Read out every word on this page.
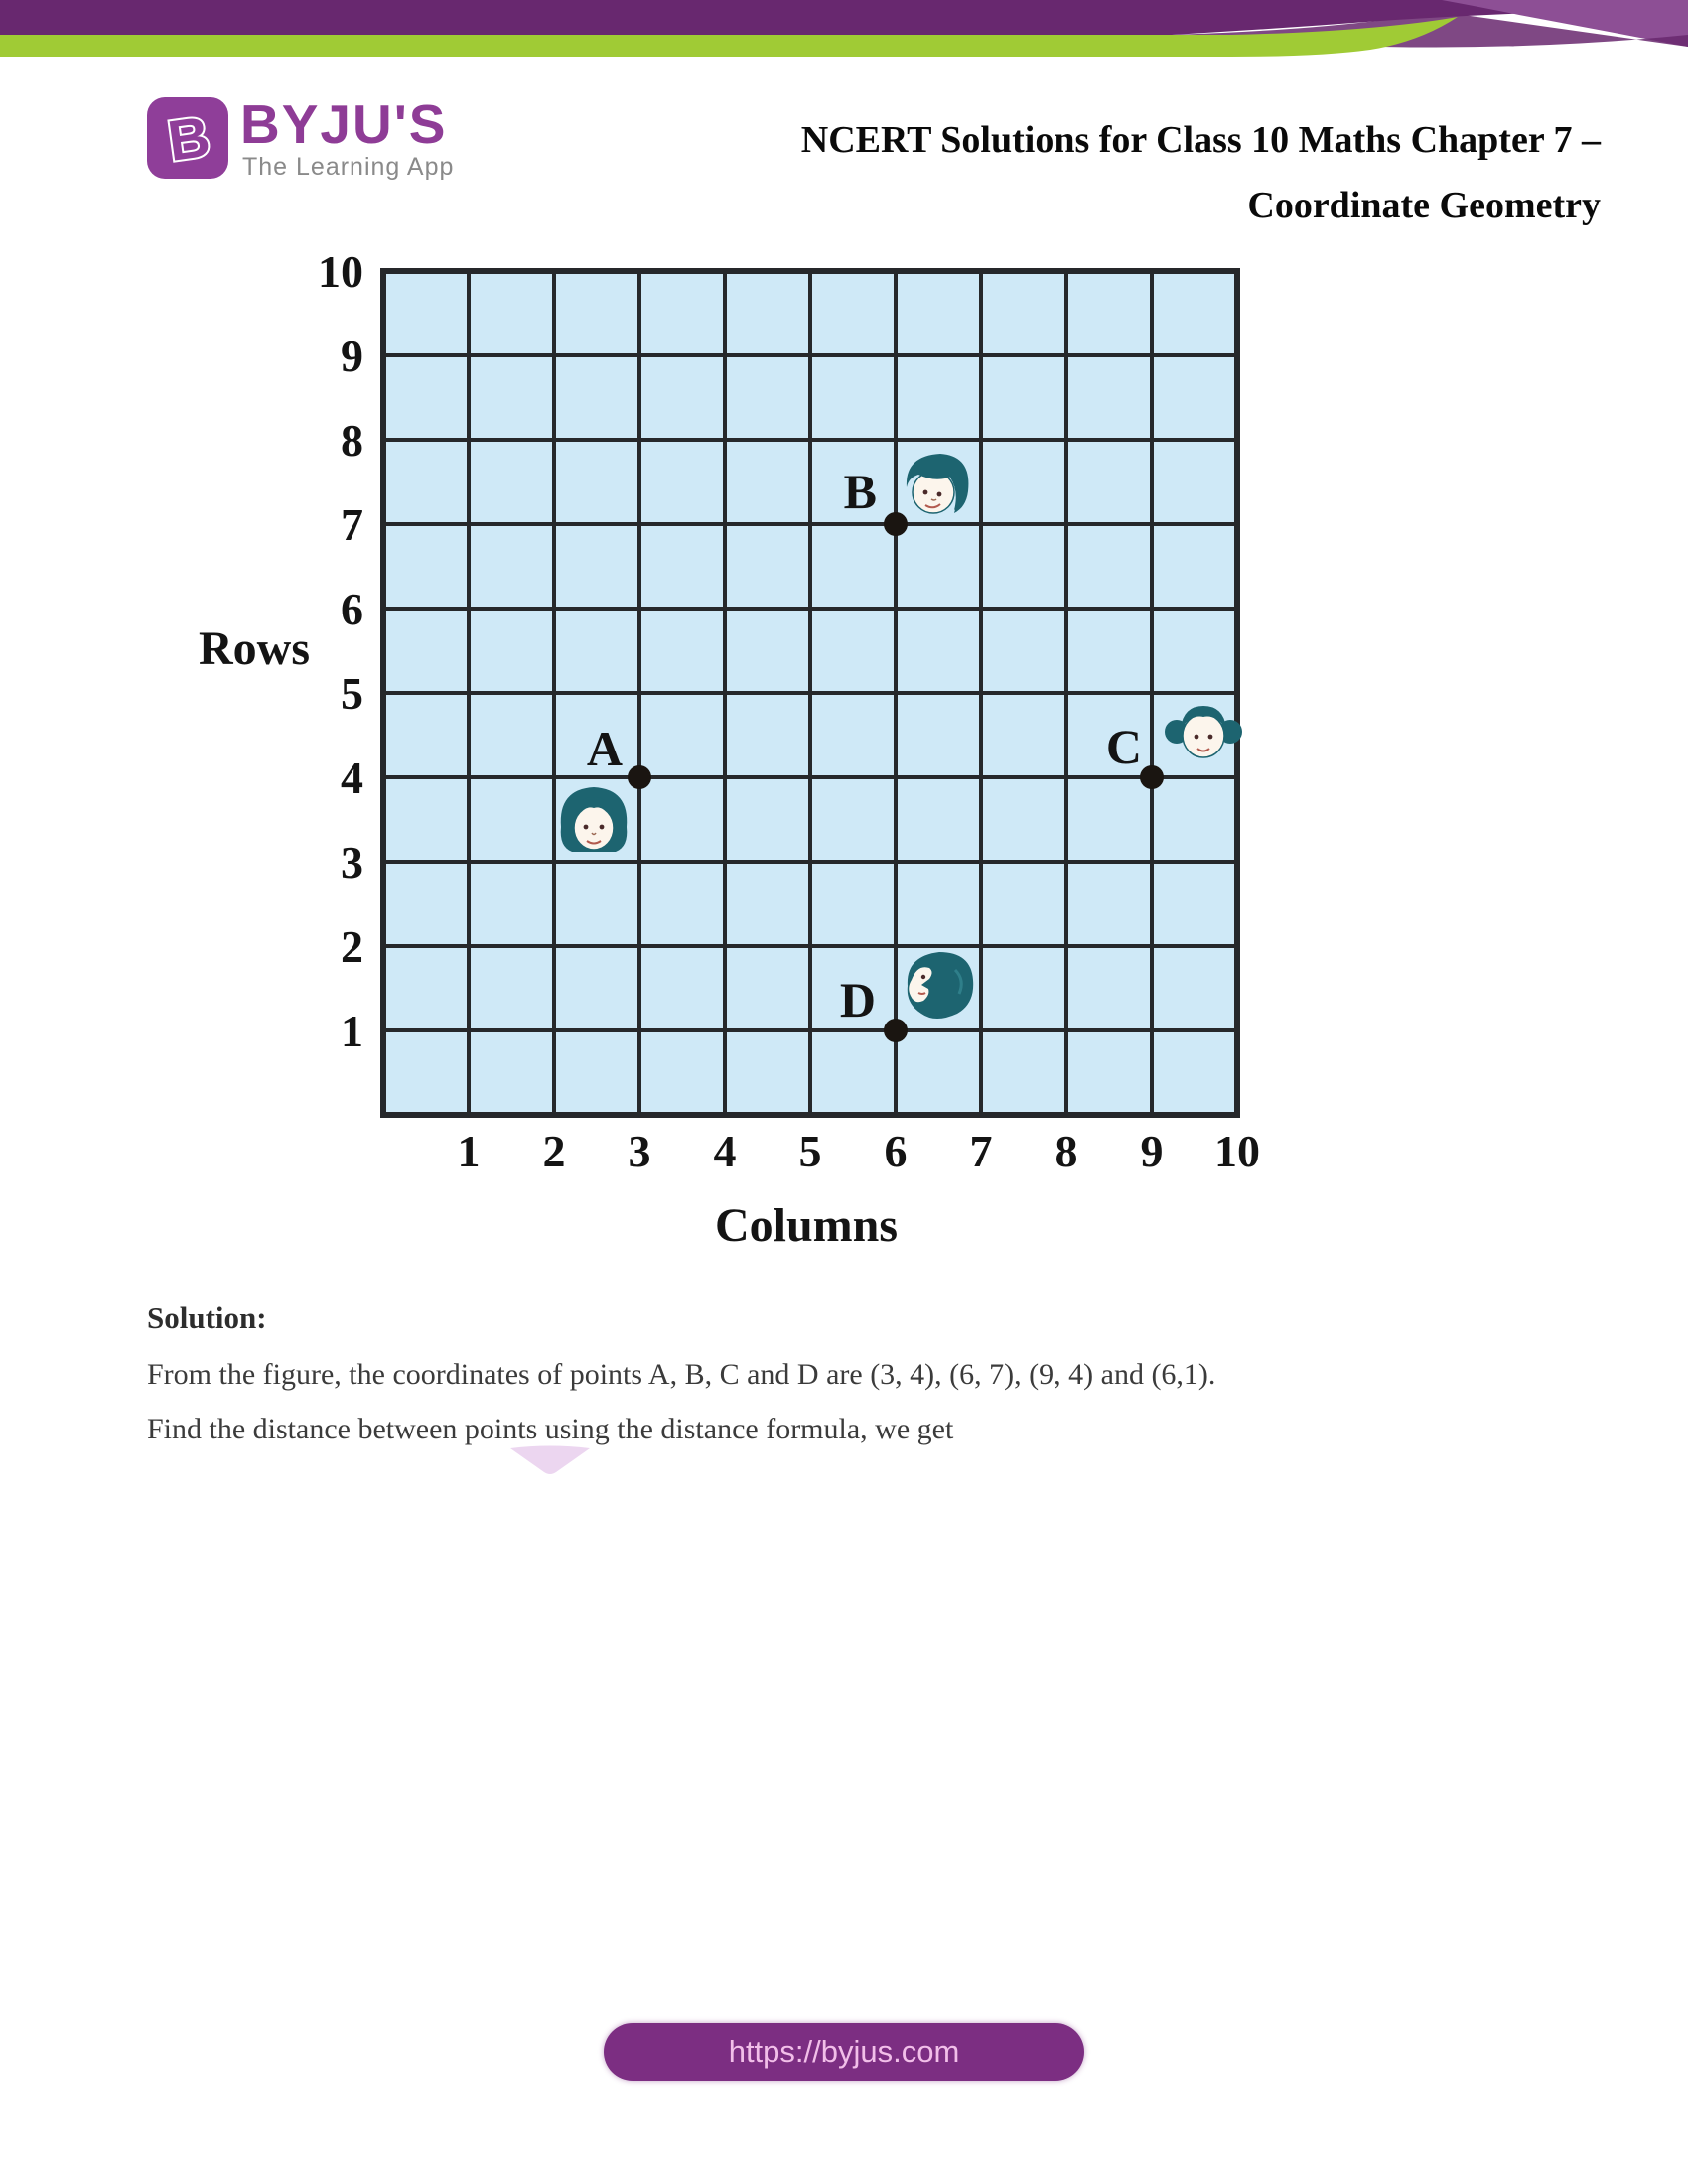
B BYJU'S
The Learning App
NCERT Solutions for Class 10 Maths Chapter 7 –
Coordinate Geometry
1
2
3
4
5
6
7
8
9
10
1 2 3 4 5 6 7 8 9 10
Rows
Columns
A
B
C
D
Solution:
From the figure, the coordinates of points A, B, C and D are (3, 4), (6, 7), (9, 4) and (6,1).
Find the distance between points using the distance formula, we get
https://byjus.com
